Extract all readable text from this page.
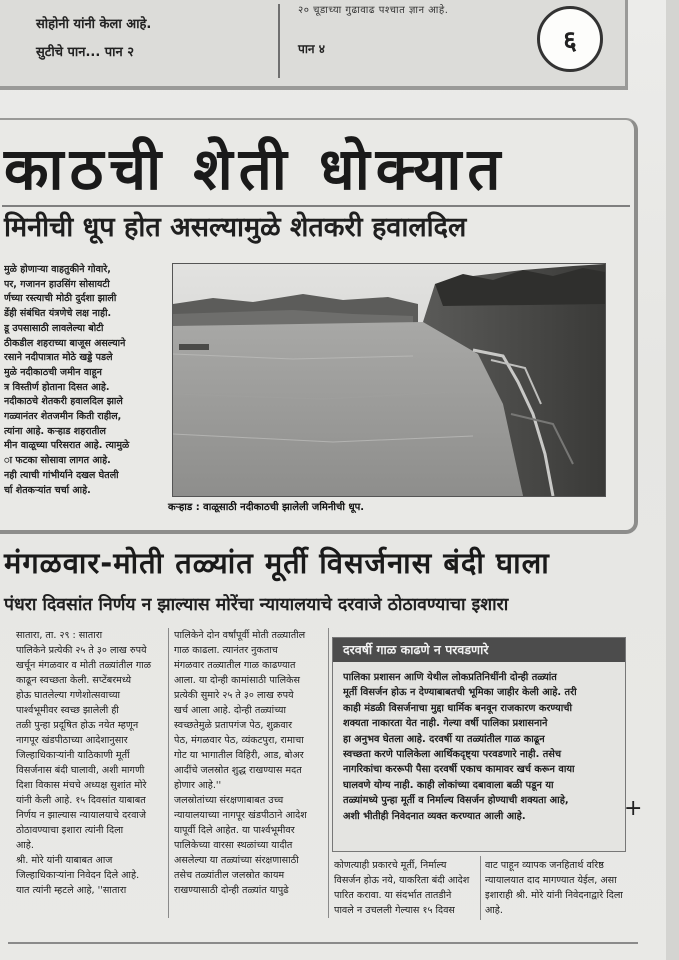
सोहोनी यांनी केला आहे.
सुटीचे पान... पान २
२० चूडाच्या गुढावाढ पश्चात ज्ञान आहे.
पान ४	६
काठची शेती धोक्यात
मिनीची धूप होत असल्यामुळे शेतकरी हवालदिल
मुळे होणाऱ्या वाहतुकीने गोवारे,
पर, गजानन हाउसिंग सोसायटी
र्णच्या रस्त्याची मोठी दुर्दशा झाली
र्डेही संबंधित यंत्रणेचे लक्ष नाही.
डू उपसासाठी लावलेल्या बोटी
ठीकडील शहराच्या बाजूस असल्याने
रसाने नदीपात्रात मोठे खड्डे पडले
मुळे नदीकाठची जमीन वाहून
त्र विस्तीर्ण होताना दिसत आहे.
नदीकाठचे शेतकरी हवालदिल झाले
गळ्यानंतर शेतजमीन किती राहील,
त्यांना आहे. कऱ्हाड शहरातील
मीन वाळूच्या परिसरात आहे. त्यामुळे
ा फटका सोसावा लागत आहे.
नही त्याची गांभीर्याने दखल घेतली
र्चा शेतकऱ्यांत चर्चा आहे.
कऱ्हाड : वाळूसाठी नदीकाठची झालेली जमिनीची धूप.
मंगळवार-मोती तळ्यांत मूर्ती विसर्जनास बंदी घाला
पंधरा दिवसांत निर्णय न झाल्यास मोरेंचा न्यायालयाचे दरवाजे ठोठावण्याचा इशारा
सातारा, ता. २९ : सातारा
पालिकेने प्रत्येकी २५ ते ३० लाख रुपये
खर्चून मंगळवार व मोती तळ्यांतील गाळ
काढून स्वच्छता केली. सप्टेंबरमध्ये
होऊ घातलेल्या गणेशोत्सवाच्या
पार्श्वभूमीवर स्वच्छ झालेली ही
तळी पुन्हा प्रदूषित होऊ नयेत म्हणून
नागपूर खंडपीठाच्या आदेशानुसार
जिल्हाधिकाऱ्यांनी याठिकाणी मूर्ती
विसर्जनास बंदी घालावी, अशी मागणी
दिशा विकास मंचचे अध्यक्ष सुशांत मोरे
यांनी केली आहे. १५ दिवसांत याबाबत
निर्णय न झाल्यास न्यायालयाचे दरवाजे
ठोठावण्याचा इशारा त्यांनी दिला
आहे.
श्री. मोरे यांनी याबाबत आज
जिल्हाधिकाऱ्यांना निवेदन दिले आहे.
यात त्यांनी म्हटले आहे, ''सातारा
पालिकेने दोन वर्षांपूर्वी मोती तळ्यातील
गाळ काढला. त्यानंतर नुकताच
मंगळवार तळ्यातील गाळ काढण्यात
आला. या दोन्ही कामांसाठी पालिकेस
प्रत्येकी सुमारे २५ ते ३० लाख रुपये
खर्च आला आहे. दोन्ही तळ्यांच्या
स्वच्छतेमुळे प्रतापगंज पेठ, शुक्रवार
पेठ, मंगळवार पेठ, व्यंकटपुरा, रामाचा
गोट या भागातील विहिरी, आड, बोअर
आदींचे जलस्रोत शुद्ध राखण्यास मदत
होणार आहे.''
जलस्रोतांच्या संरक्षणाबाबत उच्च
न्यायालयाच्या नागपूर खंडपीठाने आदेश
यापूर्वी दिले आहेत. या पार्श्वभूमीवर
पालिकेच्या वारसा स्थळांच्या यादीत
असलेल्या या तळ्यांच्या संरक्षणासाठी
तसेच तळ्यांतील जलस्रोत कायम
राखण्यासाठी दोन्ही तळ्यांत यापुढे
दरवर्षी गाळ काढणे न परवडणारे
पालिका प्रशासन आणि येथील लोकप्रतिनिधींनी दोन्ही तळ्यांत
मूर्ती विसर्जन होऊ न देण्याबाबतची भूमिका जाहीर केली आहे. तरी
काही मंडळी विसर्जनाचा मुद्दा धार्मिक बनवून राजकारण करण्याची
शक्यता नाकारता येत नाही. गेल्या वर्षी पालिका प्रशासनाने
हा अनुभव घेतला आहे. दरवर्षी या तळ्यांतील गाळ काढून
स्वच्छता करणे पालिकेला आर्थिकदृष्ट्या परवडणारे नाही. तसेच
नागरिकांचा कररूपी पैसा दरवर्षी एकाच कामावर खर्च करून वाया
घालवणे योग्य नाही. काही लोकांच्या दबावाला बळी पडून या
तळ्यांमध्ये पुन्हा मूर्ती व निर्माल्य विसर्जन होण्याची शक्यता आहे,
अशी भीतीही निवेदनात व्यक्त करण्यात आली आहे.
कोणत्याही प्रकारचे मूर्ती, निर्माल्य
विसर्जन होऊ नये, याकरिता बंदी आदेश
पारित करावा. या संदर्भात तातडीने
पावले न उचलली गेल्यास १५ दिवस
वाट पाहून व्यापक जनहितार्थ वरिष्ठ
न्यायालयात दाद मागण्यात येईल, असा
इशाराही श्री. मोरे यांनी निवेदनाद्वारे दिला
आहे.
+
